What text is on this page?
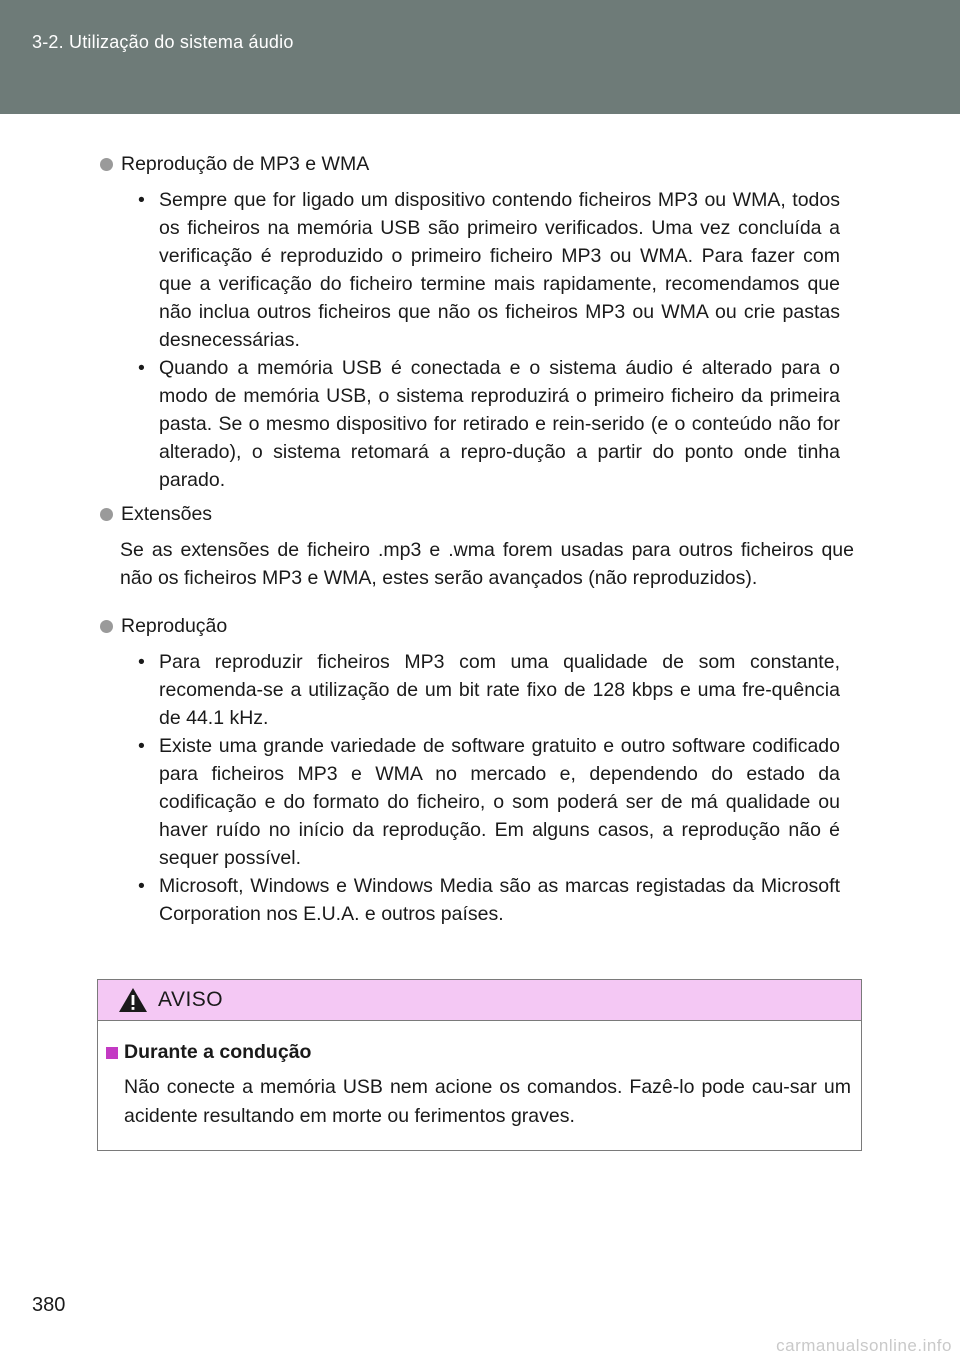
3-2. Utilização do sistema áudio
Reprodução de MP3 e WMA
• Sempre que for ligado um dispositivo contendo ficheiros MP3 ou WMA, todos os ficheiros na memória USB são primeiro verificados. Uma vez concluída a verificação é reproduzido o primeiro ficheiro MP3 ou WMA. Para fazer com que a verificação do ficheiro termine mais rapidamente, recomendamos que não inclua outros ficheiros que não os ficheiros MP3 ou WMA ou crie pastas desnecessárias.
• Quando a memória USB é conectada e o sistema áudio é alterado para o modo de memória USB, o sistema reproduzirá o primeiro ficheiro da primeira pasta. Se o mesmo dispositivo for retirado e rein-serido (e o conteúdo não for alterado), o sistema retomará a repro-dução a partir do ponto onde tinha parado.
Extensões

Se as extensões de ficheiro .mp3 e .wma forem usadas para outros ficheiros que não os ficheiros MP3 e WMA, estes serão avançados (não reproduzidos).

Reprodução
• Para reproduzir ficheiros MP3 com uma qualidade de som constante, recomenda-se a utilização de um bit rate fixo de 128 kbps e uma fre-quência de 44.1 kHz.
• Existe uma grande variedade de software gratuito e outro software codificado para ficheiros MP3 e WMA no mercado e, dependendo do estado da codificação e do formato do ficheiro, o som poderá ser de má qualidade ou haver ruído no início da reprodução. Em alguns casos, a reprodução não é sequer possível.
• Microsoft, Windows e Windows Media são as marcas registadas da Microsoft Corporation nos E.U.A. e outros países.
AVISO
Durante a condução
Não conecte a memória USB nem acione os comandos. Fazê-lo pode cau-sar um acidente resultando em morte ou ferimentos graves.
380
carmanualsonline.info
